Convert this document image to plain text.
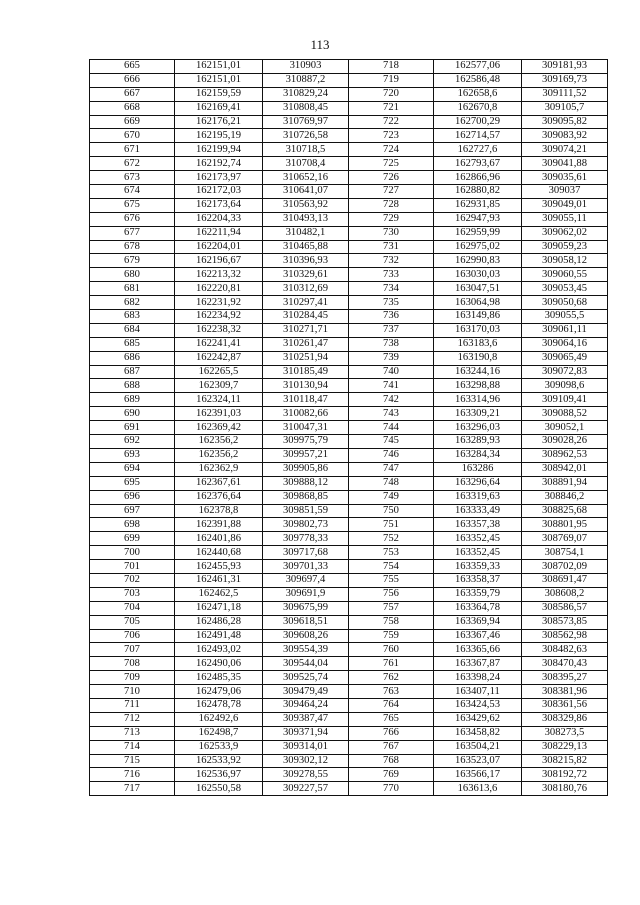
113
665	162151,01	310903	718	162577,06	309181,93
666	162151,01	310887,2	719	162586,48	309169,73
667	162159,59	310829,24	720	162658,6	309111,52
668	162169,41	310808,45	721	162670,8	309105,7
669	162176,21	310769,97	722	162700,29	309095,82
670	162195,19	310726,58	723	162714,57	309083,92
671	162199,94	310718,5	724	162727,6	309074,21
672	162192,74	310708,4	725	162793,67	309041,88
673	162173,97	310652,16	726	162866,96	309035,61
674	162172,03	310641,07	727	162880,82	309037
675	162173,64	310563,92	728	162931,85	309049,01
676	162204,33	310493,13	729	162947,93	309055,11
677	162211,94	310482,1	730	162959,99	309062,02
678	162204,01	310465,88	731	162975,02	309059,23
679	162196,67	310396,93	732	162990,83	309058,12
680	162213,32	310329,61	733	163030,03	309060,55
681	162220,81	310312,69	734	163047,51	309053,45
682	162231,92	310297,41	735	163064,98	309050,68
683	162234,92	310284,45	736	163149,86	309055,5
684	162238,32	310271,71	737	163170,03	309061,11
685	162241,41	310261,47	738	163183,6	309064,16
686	162242,87	310251,94	739	163190,8	309065,49
687	162265,5	310185,49	740	163244,16	309072,83
688	162309,7	310130,94	741	163298,88	309098,6
689	162324,11	310118,47	742	163314,96	309109,41
690	162391,03	310082,66	743	163309,21	309088,52
691	162369,42	310047,31	744	163296,03	309052,1
692	162356,2	309975,79	745	163289,93	309028,26
693	162356,2	309957,21	746	163284,34	308962,53
694	162362,9	309905,86	747	163286	308942,01
695	162367,61	309888,12	748	163296,64	308891,94
696	162376,64	309868,85	749	163319,63	308846,2
697	162378,8	309851,59	750	163333,49	308825,68
698	162391,88	309802,73	751	163357,38	308801,95
699	162401,86	309778,33	752	163352,45	308769,07
700	162440,68	309717,68	753	163352,45	308754,1
701	162455,93	309701,33	754	163359,33	308702,09
702	162461,31	309697,4	755	163358,37	308691,47
703	162462,5	309691,9	756	163359,79	308608,2
704	162471,18	309675,99	757	163364,78	308586,57
705	162486,28	309618,51	758	163369,94	308573,85
706	162491,48	309608,26	759	163367,46	308562,98
707	162493,02	309554,39	760	163365,66	308482,63
708	162490,06	309544,04	761	163367,87	308470,43
709	162485,35	309525,74	762	163398,24	308395,27
710	162479,06	309479,49	763	163407,11	308381,96
711	162478,78	309464,24	764	163424,53	308361,56
712	162492,6	309387,47	765	163429,62	308329,86
713	162498,7	309371,94	766	163458,82	308273,5
714	162533,9	309314,01	767	163504,21	308229,13
715	162533,92	309302,12	768	163523,07	308215,82
716	162536,97	309278,55	769	163566,17	308192,72
717	162550,58	309227,57	770	163613,6	308180,76
